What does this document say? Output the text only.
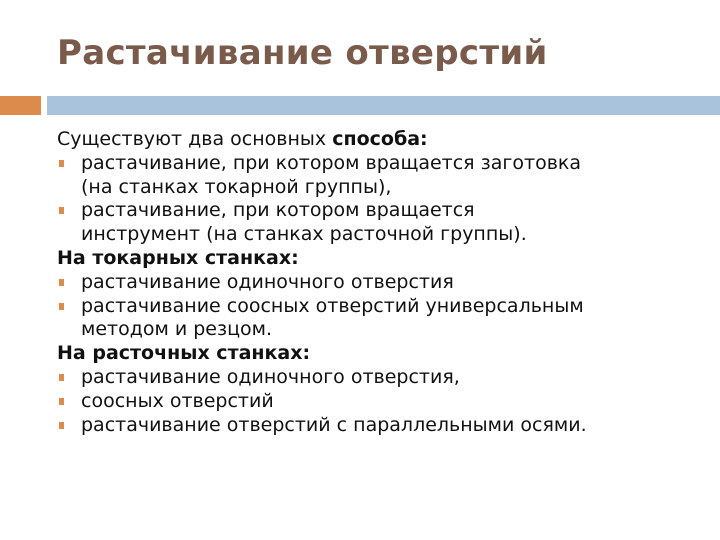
Растачивание отверстий
Существуют два основных способа:
растачивание, при котором вращается заготовка
(на станках токарной группы),
растачивание, при котором вращается
инструмент (на станках расточной группы).
На токарных станках:
растачивание одиночного отверстия
растачивание соосных отверстий универсальным
методом и резцом.
На расточных станках:
растачивание одиночного отверстия,
соосных отверстий
растачивание отверстий с параллельными осями.
